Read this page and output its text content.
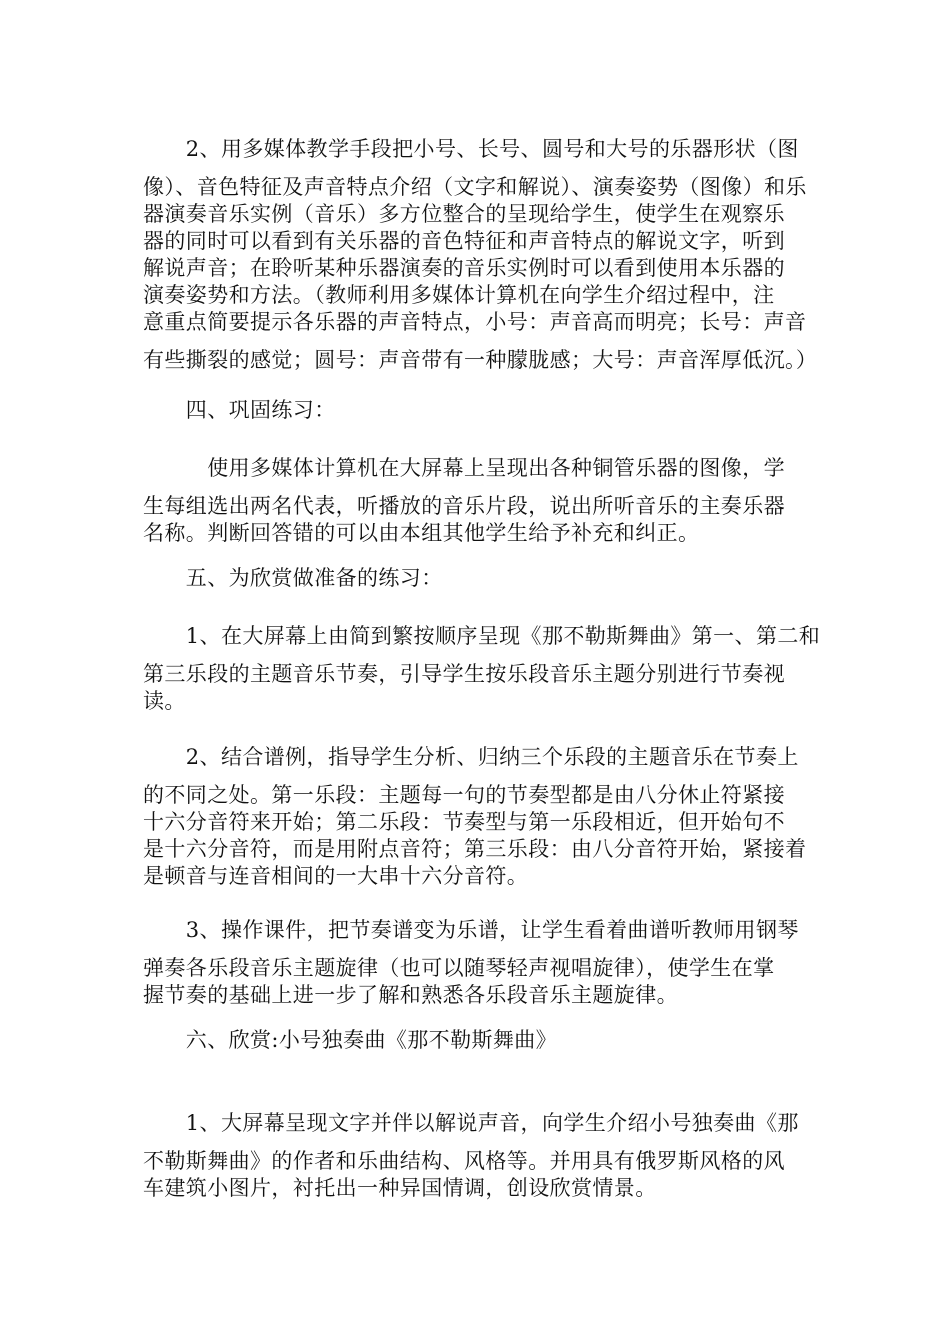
　　2、用多媒体教学手段把小号、长号、圆号和大号的乐器形状（图
像）、音色特征及声音特点介绍（文字和解说）、演奏姿势（图像）和乐
器演奏音乐实例（音乐）多方位整合的呈现给学生，使学生在观察乐
器的同时可以看到有关乐器的音色特征和声音特点的解说文字，听到
解说声音；在聆听某种乐器演奏的音乐实例时可以看到使用本乐器的
演奏姿势和方法。（教师利用多媒体计算机在向学生介绍过程中，注
意重点简要提示各乐器的声音特点，小号：声音高而明亮；长号：声音
有些撕裂的感觉；圆号：声音带有一种朦胧感；大号：声音浑厚低沉。）
　　四、巩固练习：
　　　使用多媒体计算机在大屏幕上呈现出各种铜管乐器的图像，学
生每组选出两名代表，听播放的音乐片段，说出所听音乐的主奏乐器
名称。判断回答错的可以由本组其他学生给予补充和纠正。
　　五、为欣赏做准备的练习：
　　1、在大屏幕上由简到繁按顺序呈现《那不勒斯舞曲》第一、第二和
第三乐段的主题音乐节奏，引导学生按乐段音乐主题分别进行节奏视
读。
　　2、结合谱例，指导学生分析、归纳三个乐段的主题音乐在节奏上
的不同之处。第一乐段：主题每一句的节奏型都是由八分休止符紧接
十六分音符来开始；第二乐段：节奏型与第一乐段相近，但开始句不
是十六分音符，而是用附点音符；第三乐段：由八分音符开始，紧接着
是顿音与连音相间的一大串十六分音符。
　　3、操作课件，把节奏谱变为乐谱，让学生看着曲谱听教师用钢琴
弹奏各乐段音乐主题旋律（也可以随琴轻声视唱旋律），使学生在掌
握节奏的基础上进一步了解和熟悉各乐段音乐主题旋律。
　　六、欣赏:小号独奏曲《那不勒斯舞曲》
　　1、大屏幕呈现文字并伴以解说声音，向学生介绍小号独奏曲《那
不勒斯舞曲》的作者和乐曲结构、风格等。并用具有俄罗斯风格的风
车建筑小图片，衬托出一种异国情调，创设欣赏情景。
